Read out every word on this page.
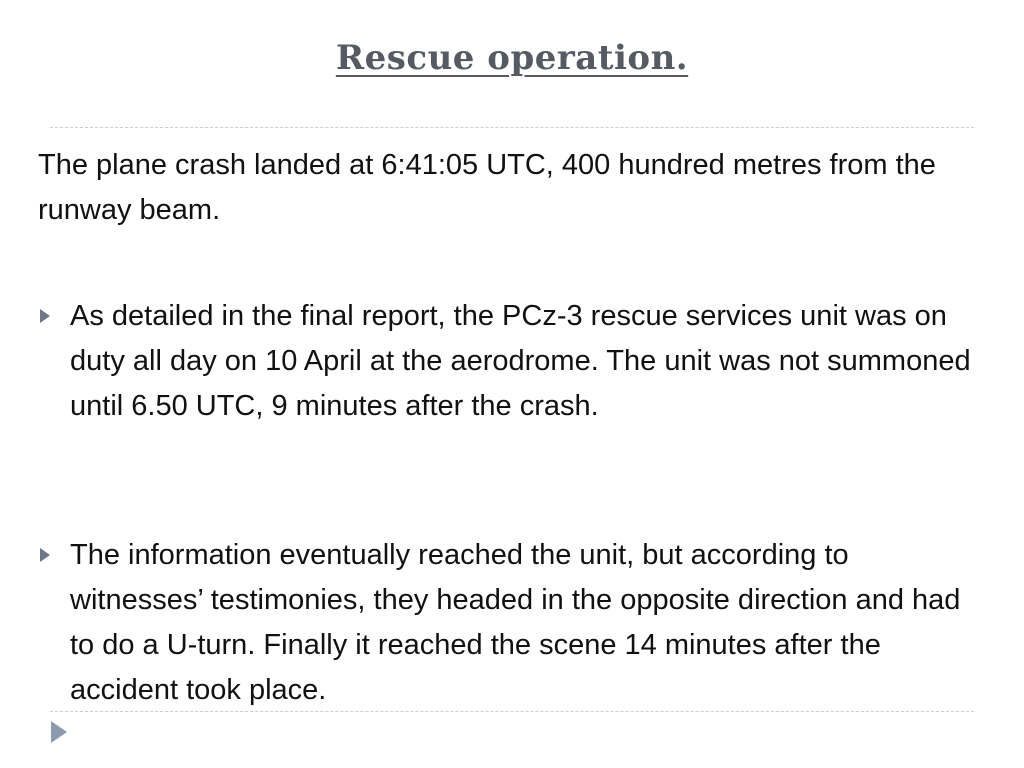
Rescue operation.
The plane crash landed at 6:41:05 UTC, 400 hundred metres from the runway beam.
As detailed in the final report, the PCz-3 rescue services unit was on duty all day on 10 April at the aerodrome. The unit was not summoned until 6.50 UTC, 9 minutes after the crash.
The information eventually reached the unit, but according to witnesses’ testimonies, they headed in the opposite direction and had to do a U-turn. Finally it reached the scene 14 minutes after the accident took place.
